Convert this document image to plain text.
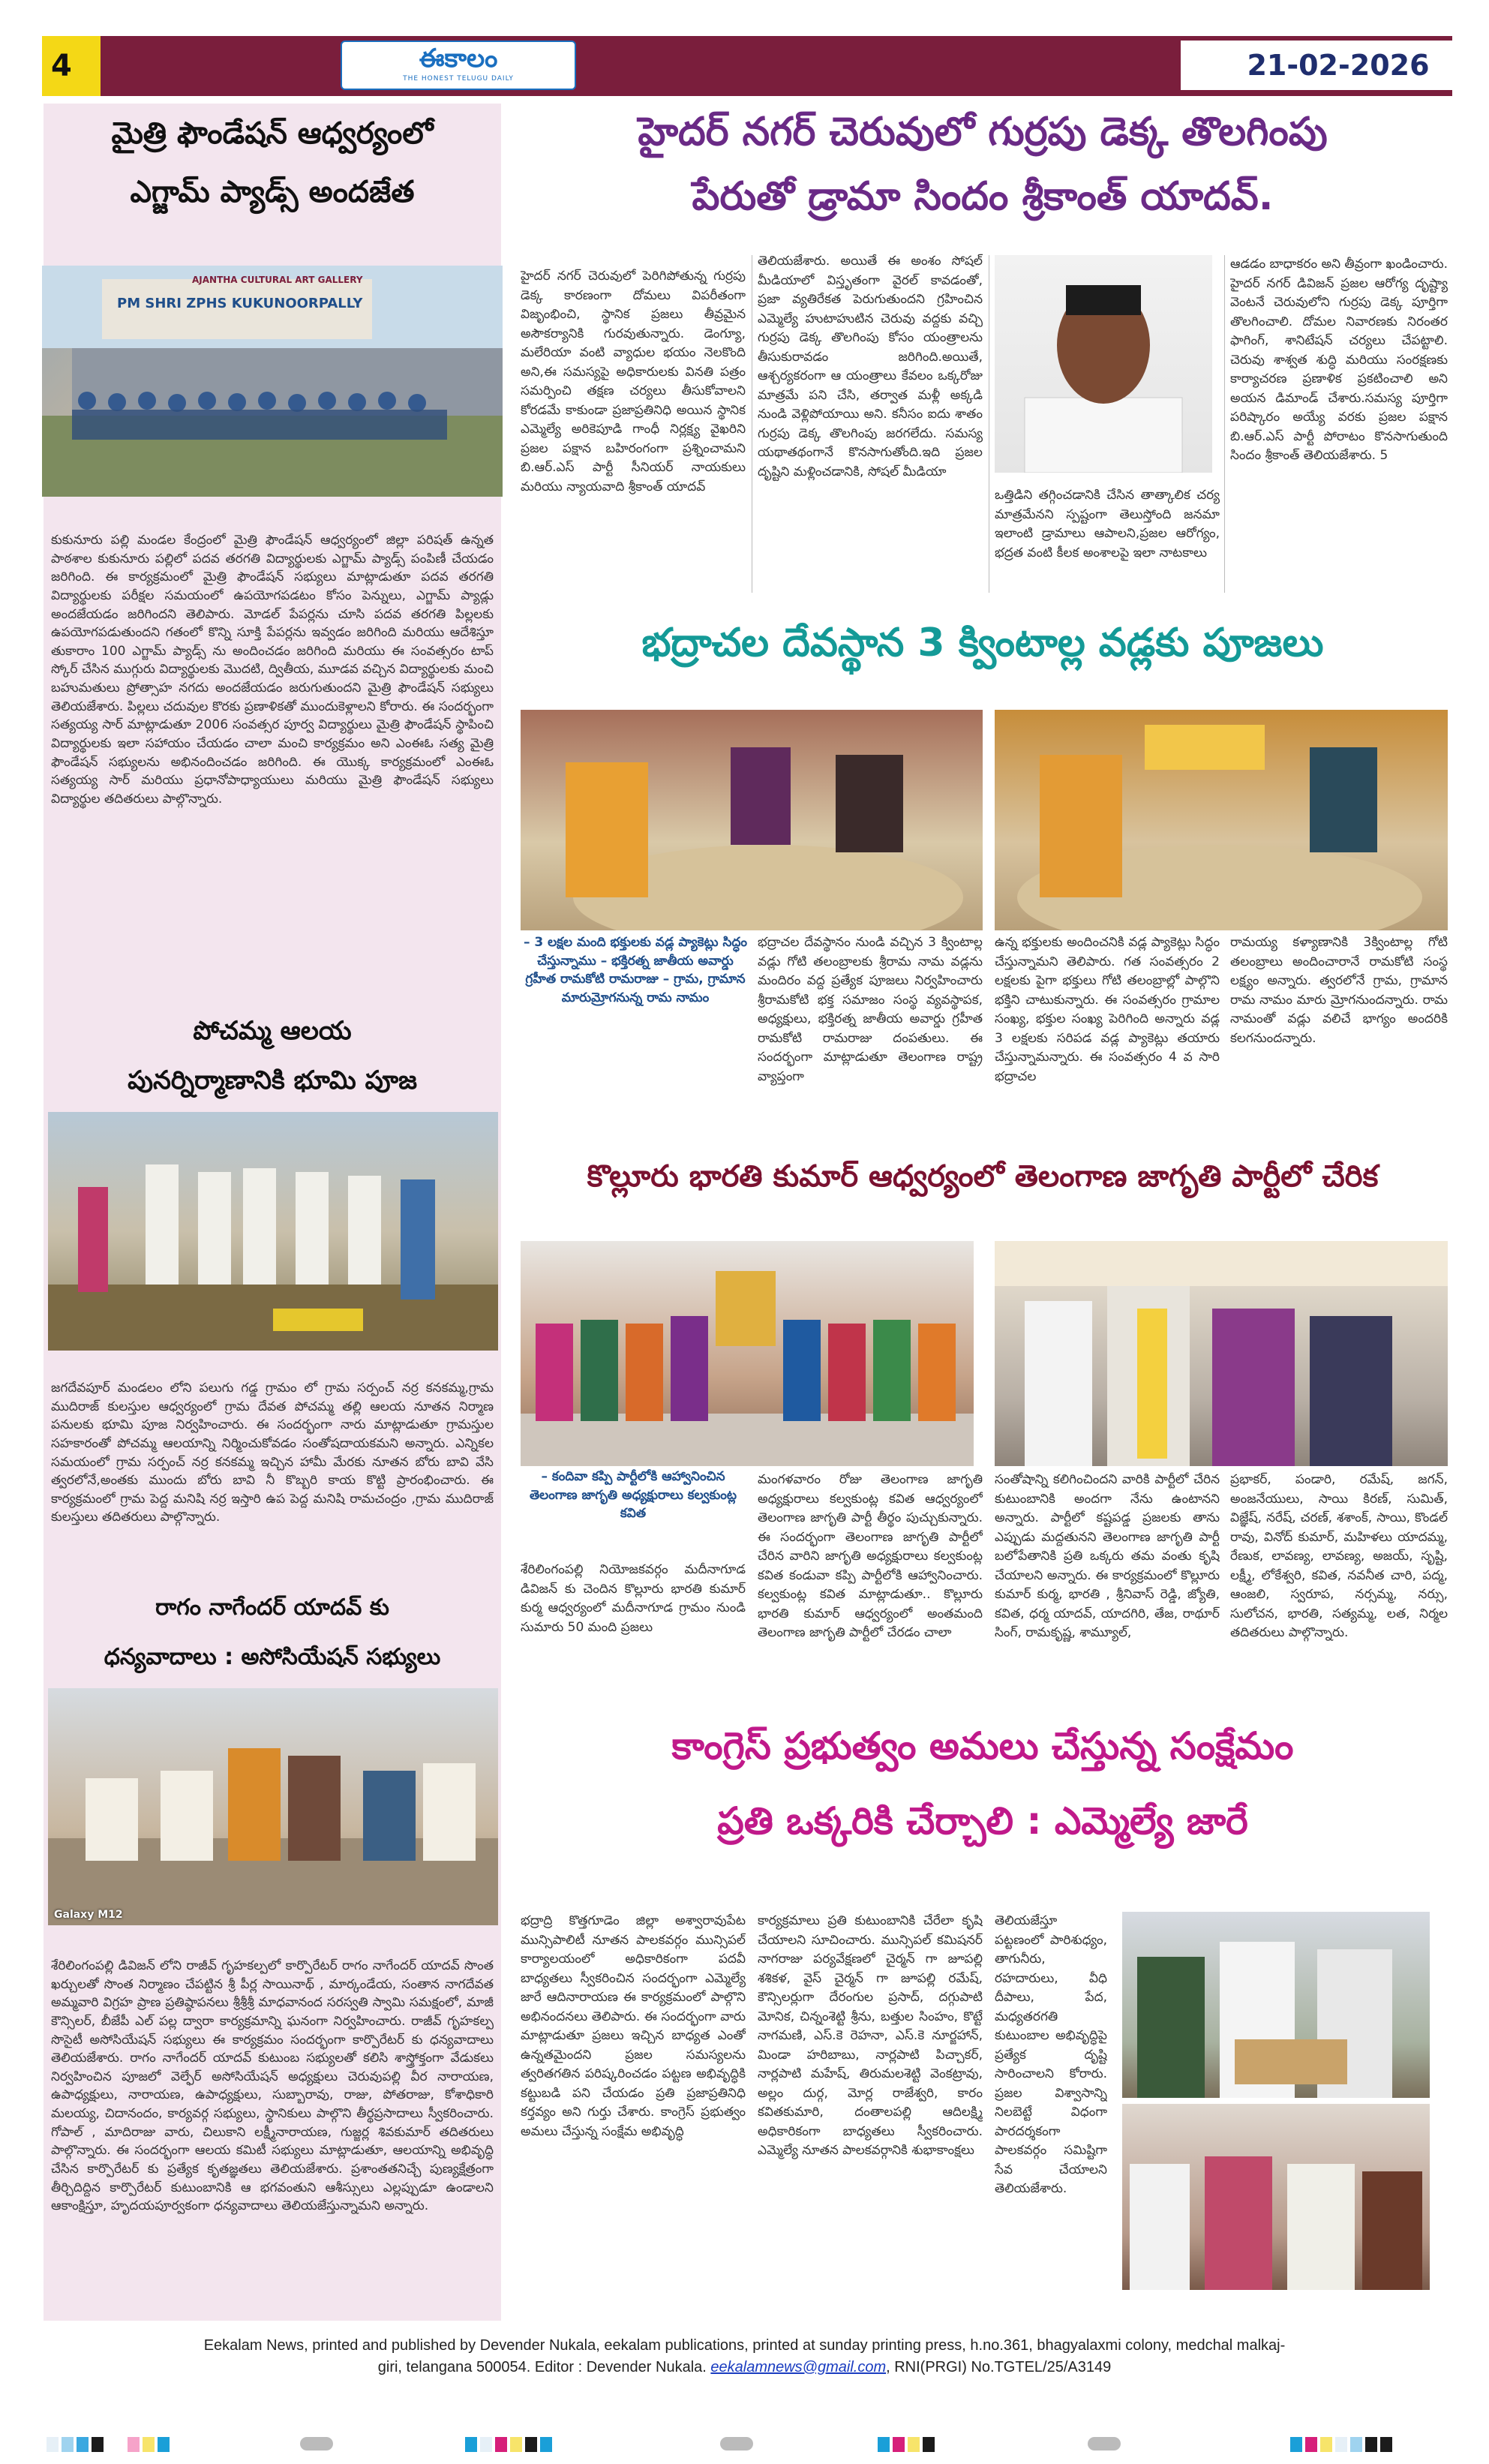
4	ఈకాలం
THE HONEST TELUGU DAILY	21-02-2026
మైత్రి ఫౌండేషన్ ఆధ్వర్యంలో
ఎగ్జామ్ ప్యాడ్స్ అందజేత
PM SHRI ZPHS KUKUNOORPALLY
AJANTHA CULTURAL ART GALLERY
కుకునూరు పల్లి మండల కేంద్రంలో మైత్రి ఫౌండేషన్ ఆధ్వర్యంలో జిల్లా పరిషత్ ఉన్నత పాఠశాల కుకునూరు పల్లిలో పదవ తరగతి విద్యార్థులకు ఎగ్జామ్ ప్యాడ్స్ పంపిణీ చేయడం జరిగింది. ఈ కార్యక్రమంలో మైత్రి ఫౌండేషన్ సభ్యులు మాట్లాడుతూ పదవ తరగతి విద్యార్థులకు పరీక్షల సమయంలో ఉపయోగపడటం కోసం పెన్నులు, ఎగ్జామ్ ప్యాడ్లు అందజేయడం జరిగిందని తెలిపారు. మోడల్ పేపర్లను చూసి పదవ తరగతి పిల్లలకు ఉపయోగపడుతుందని గతంలో కొన్ని సూక్తి పేపర్లను ఇవ్వడం జరిగింది మరియు ఆదేశిస్తూ తుకారాం 100 ఎగ్జామ్ ప్యాడ్స్ ను అందించడం జరిగింది మరియు ఈ సంవత్సరం టాప్ స్కోర్ చేసిన ముగ్గురు విద్యార్థులకు మొదటి, ద్వితీయ, మూడవ వచ్చిన విద్యార్థులకు మంచి బహుమతులు ప్రోత్సాహ నగదు అందజేయడం జరుగుతుందని మైత్రి ఫౌండేషన్ సభ్యులు తెలియజేశారు. పిల్లలు చదువుల కొరకు ప్రణాళికతో ముందుకెళ్లాలని కోరారు. ఈ సందర్భంగా సత్యయ్య సార్ మాట్లాడుతూ 2006 సంవత్సర పూర్వ విద్యార్థులు మైత్రి ఫౌండేషన్ స్థాపించి విద్యార్థులకు ఇలా సహాయం చేయడం చాలా మంచి కార్యక్రమం అని ఎంఈఓ సత్య మైత్రి ఫౌండేషన్ సభ్యులను అభినందించడం జరిగింది. ఈ యొక్క కార్యక్రమంలో ఎంఈఓ సత్యయ్య సార్ మరియు ప్రధానోపాధ్యాయులు మరియు మైత్రి ఫౌండేషన్ సభ్యులు విద్యార్థుల తదితరులు పాల్గొన్నారు.
పోచమ్మ ఆలయ
పునర్నిర్మాణానికి భూమి పూజ
జగదేవపూర్ మండలం లోని పలుగు గడ్డ గ్రామం లో గ్రామ సర్పంచ్ నర్ర కనకమ్మ,గ్రామ ముదిరాజ్ కులస్తుల ఆధ్వర్యంలో గ్రామ దేవత పోచమ్మ తల్లి ఆలయ నూతన నిర్మాణ పనులకు భూమి పూజ నిర్వహించారు. ఈ సందర్భంగా నారు మాట్లాడుతూ గ్రామస్తుల సహకారంతో పోచమ్మ ఆలయాన్ని నిర్మించుకోవడం సంతోషదాయకమని అన్నారు. ఎన్నికల సమయంలో గ్రామ సర్పంచ్ నర్ర కనకమ్మ ఇచ్చిన హామీ మేరకు నూతన బోరు బావి వేసి త్వరలోనే,అంతకు ముందు బోరు బావి నీ కొబ్బరి కాయ కొట్టి ప్రారంభించారు. ఈ కార్యక్రమంలో గ్రామ పెద్ద మనిషి నర్ర ఇస్తారి ఉప పెద్ద మనిషి రామచంద్రం ,గ్రామ ముదిరాజ్ కులస్తులు తదితరులు పాల్గొన్నారు.
రాగం నాగేందర్ యాదవ్ కు
ధన్యవాదాలు : అసోసియేషన్ సభ్యులు
Galaxy M12
శేరిలింగంపల్లి డివిజన్ లోని రాజీవ్ గృహకల్పలో కార్పొరేటర్ రాగం నాగేందర్ యాదవ్ సొంత ఖర్చులతో సొంత నిర్మాణం చేపట్టిన శ్రీ పీర్ల సాయినాథ్ , మార్కండేయ, సంతాన నాగదేవత అమ్మవారి విగ్రహ ప్రాణ ప్రతిష్ఠాపనలు శ్రీశ్రీశ్రీ మాధవానంద సరస్వతి స్వామి సమక్షంలో, మాజీ కౌన్సిలర్, బీజేపీ ఎల్ పల్ల ద్వారా కార్యక్రమాన్ని ఘనంగా నిర్వహించారు. రాజీవ్ గృహకల్ప సొసైటీ అసోసియేషన్ సభ్యులు ఈ కార్యక్రమం సందర్భంగా కార్పొరేటర్ కు ధన్యవాదాలు తెలియజేశారు. రాగం నాగేందర్ యాదవ్ కుటుంబ సభ్యులతో కలిసి శాస్త్రోక్తంగా వేడుకలు నిర్వహించిన పూజలో వెల్ఫేర్ అసోసియేషన్ అధ్యక్షులు చెరువుపల్లి వీర నారాయణ, ఉపాధ్యక్షులు, నారాయణ, ఉపాధ్యక్షులు, సుబ్బారావు, రాజు, పోతరాజు, కోశాధికారి మలయ్య, చిదానందం, కార్యవర్గ సభ్యులు, స్థానికులు పాల్గొని తీర్థప్రసాదాలు స్వీకరించారు. గోపాల్ , మాదిరాజు వారు, చిలుకాని లక్ష్మీనారాయణ, గుజ్జర్ల శివకుమార్ తదితరులు పాల్గొన్నారు. ఈ సందర్భంగా ఆలయ కమిటీ సభ్యులు మాట్లాడుతూ, ఆలయాన్ని అభివృద్ధి చేసిన కార్పొరేటర్ కు ప్రత్యేక కృతజ్ఞతలు తెలియజేశారు. ప్రశాంతతనిచ్చే పుణ్యక్షేత్రంగా తీర్చిదిద్దిన కార్పొరేటర్ కుటుంబానికి ఆ భగవంతుని ఆశీస్సులు ఎల్లప్పుడూ ఉండాలని ఆకాంక్షిస్తూ, హృదయపూర్వకంగా ధన్యవాదాలు తెలియజేస్తున్నామని అన్నారు.
హైదర్ నగర్ చెరువులో గుర్రపు డెక్క తొలగింపు
పేరుతో డ్రామా సిందం శ్రీకాంత్ యాదవ్.
హైదర్ నగర్ చెరువులో పెరిగిపోతున్న గుర్రపు డెక్క కారణంగా దోమలు విపరీతంగా విజృంభించి, స్థానిక ప్రజలు తీవ్రమైన అసౌకర్యానికి గురవుతున్నారు. డెంగ్యూ, మలేరియా వంటి వ్యాధుల భయం నెలకొంది అని,ఈ సమస్యపై అధికారులకు వినతి పత్రం సమర్పించి తక్షణ చర్యలు తీసుకోవాలని కోరడమే కాకుండా ప్రజాప్రతినిధి అయిన స్థానిక ఎమ్మెల్యే అరికెపూడి గాంధీ నిర్లక్ష్య వైఖరిని ప్రజల పక్షాన బహిరంగంగా ప్రశ్నించామని బి.ఆర్.ఎస్ పార్టీ సీనియర్ నాయకులు మరియు న్యాయవాది శ్రీకాంత్ యాదవ్
తెలియజేశారు. అయితే ఈ అంశం సోషల్ మీడియాలో విస్తృతంగా వైరల్ కావడంతో, ప్రజా వ్యతిరేకత పెరుగుతుందని గ్రహించిన ఎమ్మెల్యే హుటాహుటిన చెరువు వద్దకు వచ్చి గుర్రపు డెక్క తొలగింపు కోసం యంత్రాలను తీసుకురావడం జరిగింది.అయితే, ఆశ్చర్యకరంగా ఆ యంత్రాలు కేవలం ఒక్కరోజు మాత్రమే పని చేసి, తర్వాత మళ్లీ అక్కడి నుండి వెళ్లిపోయాయి అని. కనీసం ఐదు శాతం గుర్రపు డెక్క తొలగింపు జరగలేదు. సమస్య యథాతథంగానే కొనసాగుతోంది.ఇది ప్రజల దృష్టిని మళ్లించడానికి, సోషల్ మీడియా
ఒత్తిడిని తగ్గించడానికి చేసిన తాత్కాలిక చర్య మాత్రమేనని స్పష్టంగా తెలుస్తోంది జనమా ఇలాంటి డ్రామాలు ఆపాలని,ప్రజల ఆరోగ్యం, భద్రత వంటి కీలక అంశాలపై ఇలా నాటకాలు
ఆడడం బాధాకరం అని తీవ్రంగా ఖండించారు. హైదర్ నగర్ డివిజన్ ప్రజల ఆరోగ్య దృష్ట్యా వెంటనే చెరువులోని గుర్రపు డెక్క పూర్తిగా తొలగించాలి. దోమల నివారణకు నిరంతర ఫాగింగ్, శానిటేషన్ చర్యలు చేపట్టాలి. చెరువు శాశ్వత శుద్ధి మరియు సంరక్షణకు కార్యాచరణ ప్రణాళిక ప్రకటించాలి అని అయన డిమాండ్ చేశారు.సమస్య పూర్తిగా పరిష్కారం అయ్యే వరకు ప్రజల పక్షాన బి.ఆర్.ఎస్ పార్టీ పోరాటం కొనసాగుతుంది సిందం శ్రీకాంత్ తెలియజేశారు. 5
భద్రాచల దేవస్థాన 3 క్వింటాల్ల వడ్లకు పూజలు
– 3 లక్షల మంది భక్తులకు వడ్ల ప్యాకెట్లు సిద్ధం చేస్తున్నాము – భక్తిరత్న జాతీయ అవార్డు గ్రహీత రామకోటి రామరాజు – గ్రామ, గ్రామాన మారుమ్రోగనున్న రామ నామం
భద్రాచల దేవస్థానం నుండి వచ్చిన 3 క్వింటాల్ల వడ్లు గోటి తలంబ్రాలకు శ్రీరామ నామ వడ్లను మందిరం వద్ద ప్రత్యేక పూజలు నిర్వహించారు శ్రీరామకోటి భక్త సమాజం సంస్థ వ్యవస్థాపక, అధ్యక్షులు, భక్తిరత్న జాతీయ అవార్డు గ్రహీత రామకోటి రామరాజు దంపతులు. ఈ సందర్భంగా మాట్లాడుతూ తెలంగాణ రాష్ట్ర వ్యాప్తంగా
ఉన్న భక్తులకు అందించనికి వడ్ల ప్యాకెట్లు సిద్ధం చేస్తున్నామని తెలిపారు. గత సంవత్సరం 2 లక్షలకు పైగా భక్తులు గోటి తలంబ్రాల్లో పాల్గొని భక్తిని చాటుకున్నారు. ఈ సంవత్సరం గ్రామాల సంఖ్య, భక్తుల సంఖ్య పెరిగింది అన్నారు వడ్ల 3 లక్షలకు సరిపడ వడ్ల ప్యాకెట్లు తయారు చేస్తున్నామన్నారు. ఈ సంవత్సరం 4 వ సారి భద్రాచల
రామయ్య కళ్యాణానికి 3క్వింటాల్ల గోటి తలంబ్రాలు అందించారానే రామకోటి సంస్థ లక్ష్యం అన్నారు. త్వరలోనే గ్రామ, గ్రామాన రామ నామం మారు మ్రోగనుందన్నారు. రామ నామంతో వడ్లు వలిచే భాగ్యం అందరికి కలగనుందన్నారు.
కొల్లూరు భారతి కుమార్ ఆధ్వర్యంలో తెలంగాణ జాగృతి పార్టీలో చేరిక
– కందివా కప్పి పార్టీలోకి ఆహ్వానించిన తెలంగాణ జాగృతి అధ్యక్షురాలు కల్వకుంట్ల కవిత
శేరిలింగంపల్లి నియోజకవర్గం మదీనాగూడ డివిజన్ కు చెందిన కొల్లూరు భారతి కుమార్ కుర్మ ఆధ్వర్యంలో మదీనాగూడ గ్రామం నుండి సుమారు 50 మంది ప్రజలు
మంగళవారం రోజు తెలంగాణ జాగృతి అధ్యక్షురాలు కల్వకుంట్ల కవిత ఆధ్వర్యంలో తెలంగాణ జాగృతి పార్టీ తీర్థం పుచ్చుకున్నారు. ఈ సందర్భంగా తెలంగాణ జాగృతి పార్టీలో చేరిన వారిని జాగృతి అధ్యక్షురాలు కల్వకుంట్ల కవిత కండువా కప్పి పార్టీలోకి ఆహ్వానించారు. కల్వకుంట్ల కవిత మాట్లాడుతూ.. కొల్లూరు భారతి కుమార్ ఆధ్వర్యంలో అంతమంది తెలంగాణ జాగృతి పార్టీలో చేరడం చాలా
సంతోషాన్ని కలిగించిందని వారికి పార్టీలో చేరిన కుటుంబానికి అందగా నేను ఉంటానని అన్నారు. పార్టీలో కష్టపడ్డ ప్రజలకు తాను ఎప్పుడు మద్దతునని తెలంగాణ జాగృతి పార్టీ బలోపేతానికి ప్రతి ఒక్కరు తమ వంతు కృషి చేయాలని అన్నారు. ఈ కార్యక్రమంలో కొల్లూరు కుమార్ కుర్మ, భారతి , శ్రీనివాస్ రెడ్డి, జ్యోతి, కవిత, ధర్మ యాదవ్, యాదగిరి, తేజ, రాథూర్ సింగ్, రామకృష్ణ, శామ్యూల్,
ప్రభాకర్, పండారి, రమేష్, జగన్, అంజనేయులు, సాయి కిరణ్, సుమిత్, విజ్ఞేష్, నరేష్, చరణ్, శశాంక్, సాయి, కొండల్ రావు, వినోద్ కుమార్, మహిళలు యాదమ్మ, రేణుక, లావణ్య, లావణ్య, అజయ్, సృష్టి, లక్ష్మీ, లోకేశ్వరి, కవిత, నవనీత చారి, పద్మ, ఆంజలి, స్వరూప, నర్సమ్మ, నర్సు, సులోచన, భారతి, సత్యమ్మ, లత, నిర్మల తదితరులు పాల్గొన్నారు.
కాంగ్రెస్ ప్రభుత్వం అమలు చేస్తున్న సంక్షేమం
ప్రతి ఒక్కరికి చేర్చాలి : ఎమ్మెల్యే జారే
భద్రాద్రి కొత్తగూడెం జిల్లా అశ్వారావుపేట మున్సిపాలిటీ నూతన పాలకవర్గం మున్సిపల్ కార్యాలయంలో అధికారికంగా పదవీ బాధ్యతలు స్వీకరించిన సందర్భంగా ఎమ్మెల్యే జారే ఆదినారాయణ ఈ కార్యక్రమంలో పాల్గొని అభినందనలు తెలిపారు. ఈ సందర్భంగా వారు మాట్లాడుతూ ప్రజలు ఇచ్చిన బాధ్యత ఎంతో ఉన్నతమైందని ప్రజల సమస్యలను త్వరితగతిన పరిష్కరించడం పట్టణ అభివృద్ధికి కట్టుబడి పని చేయడం ప్రతి ప్రజాప్రతినిధి కర్తవ్యం అని గుర్తు చేశారు. కాంగ్రెస్ ప్రభుత్వం అమలు చేస్తున్న సంక్షేమ అభివృద్ధి
కార్యక్రమాలు ప్రతి కుటుంబానికి చేరేలా కృషి చేయాలని సూచించారు. మున్సిపల్ కమిషనర్ నాగరాజు పర్యవేక్షణలో చైర్మన్ గా జూపల్లి శశికళ, వైస్ చైర్మన్ గా జూపల్లి రమేష్, కౌన్సిలర్లుగా దేరంగుల ప్రసాద్, దగ్గుపాటి మోనిక, చిన్నంశెట్టి శ్రీను, బత్తుల సింహం, కొట్టే నాగమణి, ఎస్.కె రెహనా, ఎస్.కె నూర్జహాన్, మిండా హరిబాబు, నార్లపాటి పిచ్చాకర్, నార్లపాటి మహేష్, తిరుమలశెట్టి వెంకట్రావు, అల్లం దుర్గ, మోర్ల రాజేశ్వరి, కారం కవితకుమారి, దంతాలపల్లి ఆదిలక్ష్మి అధికారికంగా బాధ్యతలు స్వీకరించారు. ఎమ్మెల్యే నూతన పాలకవర్గానికి శుభాకాంక్షలు
తెలియజేస్తూ పట్టణంలో పారిశుధ్యం, తాగునీరు, రహదారులు, వీధి దీపాలు, పేద, మధ్యతరగతి కుటుంబాల అభివృద్ధిపై ప్రత్యేక దృష్టి సారించాలని కోరారు. ప్రజల విశ్వాసాన్ని నిలబెట్టే విధంగా పారదర్శకంగా పాలకవర్గం సమిష్టిగా సేవ చేయాలని తెలియజేశారు.
Eekalam News, printed and published by Devender Nukala, eekalam publications, printed at sunday printing press, h.no.361, bhagyalaxmi colony, medchal malkaj-
giri, telangana 500054. Editor : Devender Nukala. eekalamnews@gmail.com, RNI(PRGI) No.TGTEL/25/A3149
